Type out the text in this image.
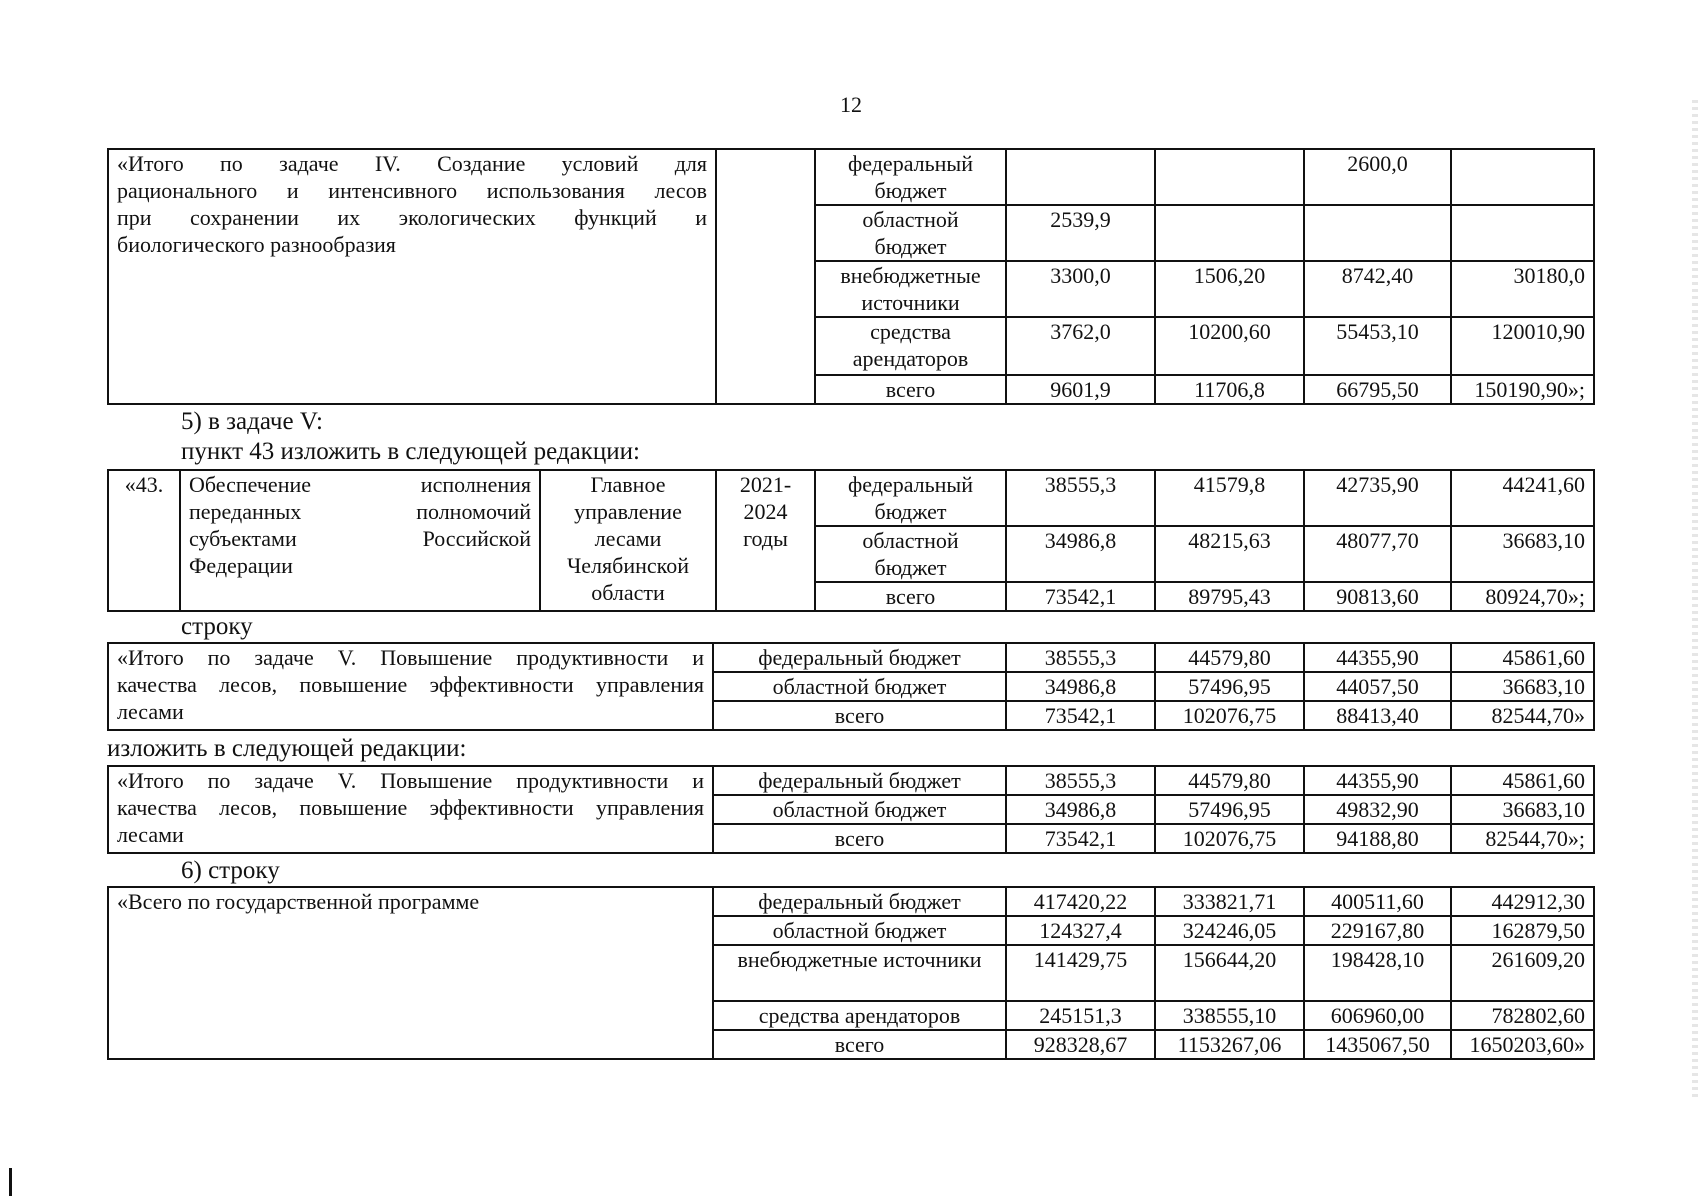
12
«Итого по задаче IV. Создание условий для
рационального и интенсивного использования лесов
при сохранении их экологических функций и
биологического разнообразия		федеральный бюджет			2600,0	
		областной бюджет	2539,9			
		внебюджетные источники	3300,0	1506,20	8742,40	30180,0
		средства арендаторов	3762,0	10200,60	55453,10	120010,90
		всего	9601,9	11706,8	66795,50	150190,90»;
5) в задаче V:
пункт 43 изложить в следующей редакции:
«43.	Обеспечение исполнения
переданных полномочий
субъектами Российской
Федерации	Главное управление лесами Челябинской области	2021-2024 годы	федеральный бюджет	38555,3	41579,8	42735,90	44241,60
				областной бюджет	34986,8	48215,63	48077,70	36683,10
				всего	73542,1	89795,43	90813,60	80924,70»;
строку
«Итого по задаче V. Повышение продуктивности и
качества лесов, повышение эффективности управления
лесами	федеральный бюджет	38555,3	44579,80	44355,90	45861,60
	областной бюджет	34986,8	57496,95	44057,50	36683,10
	всего	73542,1	102076,75	88413,40	82544,70»
изложить в следующей редакции:
«Итого по задаче V. Повышение продуктивности и
качества лесов, повышение эффективности управления
лесами	федеральный бюджет	38555,3	44579,80	44355,90	45861,60
	областной бюджет	34986,8	57496,95	49832,90	36683,10
	всего	73542,1	102076,75	94188,80	82544,70»;
6) строку
«Всего по государственной программе	федеральный бюджет	417420,22	333821,71	400511,60	442912,30
	областной бюджет	124327,4	324246,05	229167,80	162879,50
	внебюджетные источники	141429,75	156644,20	198428,10	261609,20
	средства арендаторов	245151,3	338555,10	606960,00	782802,60
	всего	928328,67	1153267,06	1435067,50	1650203,60»
